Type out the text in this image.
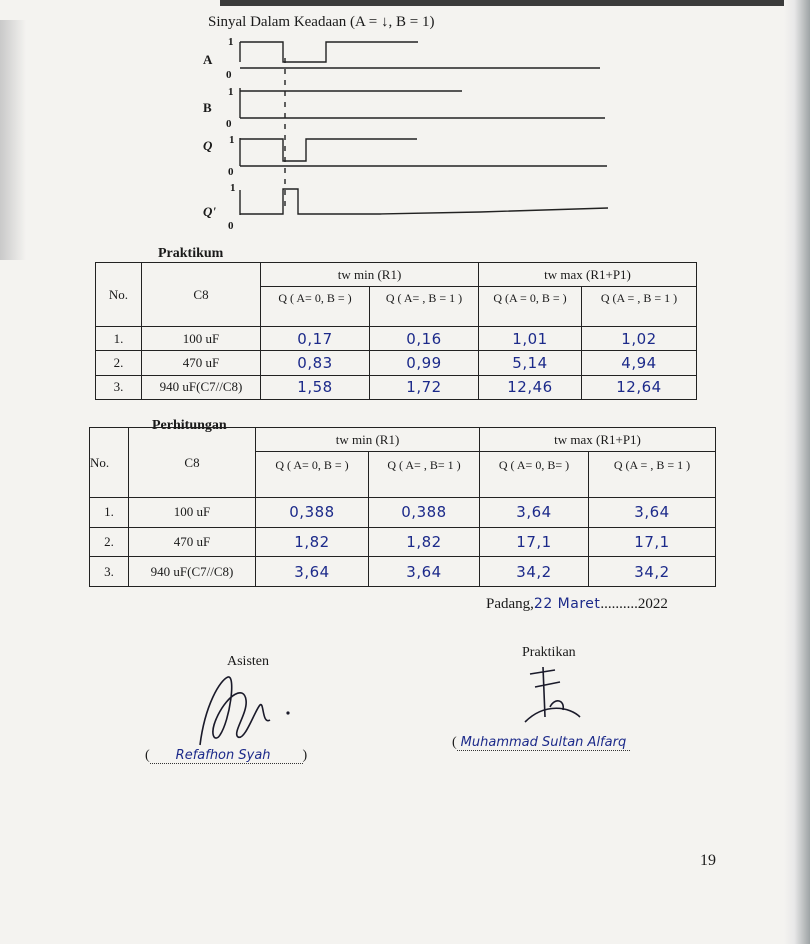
Sinyal Dalam Keadaan (A = ↓, B = 1)
A
1
0
B
1
0
Q 1
0
Q'
1
0
Praktikum
No.	C8	tw min (R1)		tw max (R1+P1)	
		Q ( A= 0, B = )	Q ( A= , B = 1 )	Q (A = 0, B = )	Q (A = , B = 1 )
1.	100 uF	0,17	0,16	1,01	1,02
2.	470 uF	0,83	0,99	5,14	4,94
3.	940 uF(C7//C8)	1,58	1,72	12,46	12,64
Perhitungan
No.	C8	tw min (R1)		tw max (R1+P1)	
		Q ( A= 0, B = )	Q ( A= , B= 1 )	Q ( A= 0, B= )	Q (A = , B = 1 )
1.	100 uF	0,388	0,388	3,64	3,64
2.	470 uF	1,82	1,82	17,1	17,1
3.	940 uF(C7//C8)	3,64	3,64	34,2	34,2
Padang,22 Maret..........2022
Asisten
Praktikan
( Refafhon Syah )
( Muhammad Sultan Alfarq
19
